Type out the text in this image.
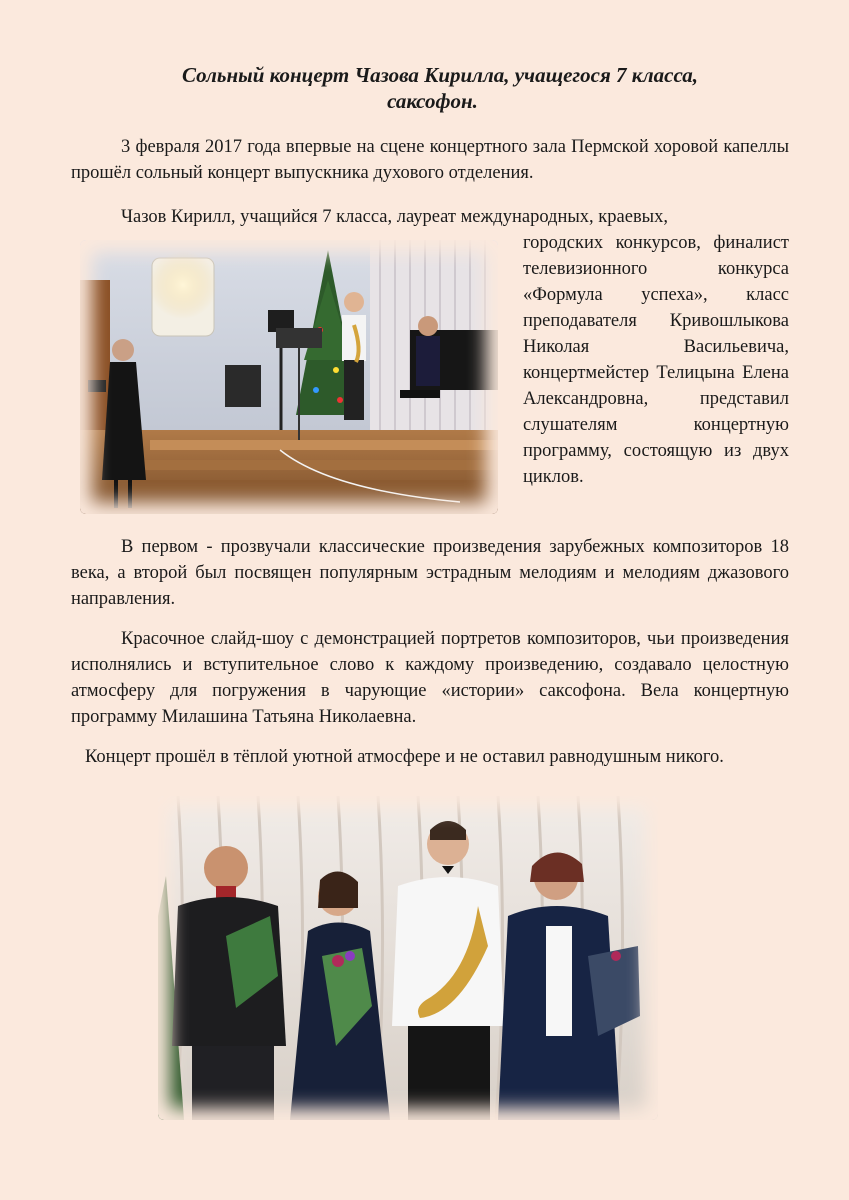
Сольный концерт Чазова Кирилла, учащегося 7 класса,
саксофон.

3 февраля 2017 года впервые на сцене концертного зала Пермской хоровой капеллы прошёл сольный концерт выпускника духового отделения.

Чазов Кирилл, учащийся 7 класса, лауреат международных, краевых,

городских конкурсов, финалист телевизионного конкурса «Формула успеха», класс преподавателя Кривошлыкова Николая Васильевича, концертмейстер Телицына Елена Александровна, представил слушателям концертную программу, состоящую из двух циклов.

В первом - прозвучали классические произведения зарубежных композиторов 18 века, а второй был посвящен популярным эстрадным мелодиям и мелодиям джазового направления.

Красочное слайд-шоу с демонстрацией портретов композиторов, чьи произведения исполнялись и вступительное слово к каждому произведению, создавало целостную атмосферу для погружения в чарующие «истории» саксофона. Вела концертную программу Милашина Татьяна Николаевна.

Концерт прошёл в тёплой уютной атмосфере и не оставил равнодушным никого.
